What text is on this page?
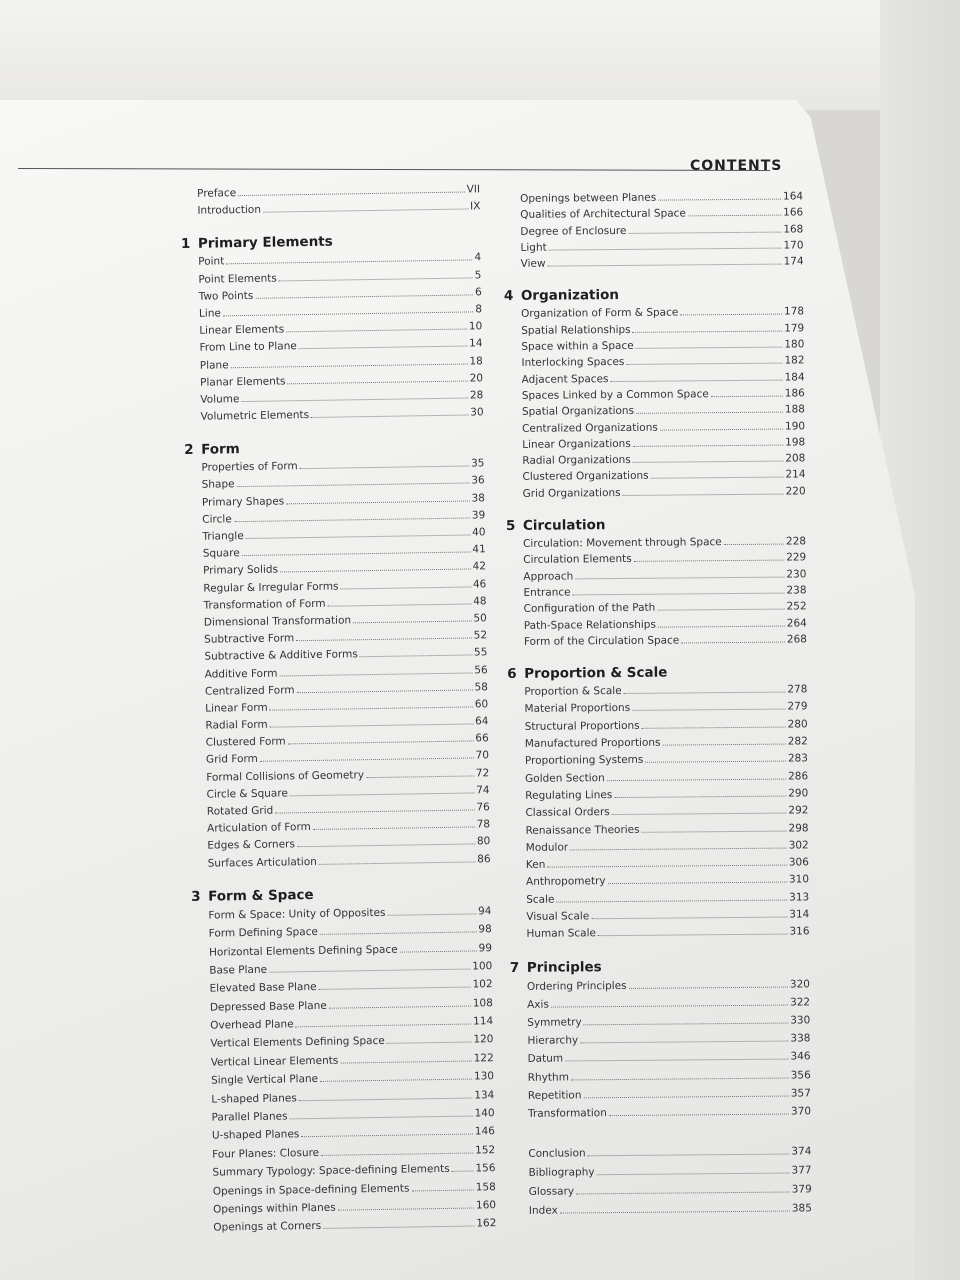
CONTENTS
Preface	VII
Introduction	IX
1 Primary Elements
Point	4
Point Elements	5
Two Points	6
Line	8
Linear Elements	10
From Line to Plane	14
Plane	18
Planar Elements	20
Volume	28
Volumetric Elements	30
2 Form
Properties of Form	35
Shape	36
Primary Shapes	38
Circle	39
Triangle	40
Square	41
Primary Solids	42
Regular & Irregular Forms	46
Transformation of Form	48
Dimensional Transformation	50
Subtractive Form	52
Subtractive & Additive Forms	55
Additive Form	56
Centralized Form	58
Linear Form	60
Radial Form	64
Clustered Form	66
Grid Form	70
Formal Collisions of Geometry	72
Circle & Square	74
Rotated Grid	76
Articulation of Form	78
Edges & Corners	80
Surfaces Articulation	86
3 Form & Space
Form & Space: Unity of Opposites	94
Form Defining Space	98
Horizontal Elements Defining Space	99
Base Plane	100
Elevated Base Plane	102
Depressed Base Plane	108
Overhead Plane	114
Vertical Elements Defining Space	120
Vertical Linear Elements	122
Single Vertical Plane	130
L-shaped Planes	134
Parallel Planes	140
U-shaped Planes	146
Four Planes: Closure	152
Summary Typology: Space-defining Elements 156
Openings in Space-defining Elements	158
Openings within Planes	160
Openings at Corners	162
Openings between Planes	164
Qualities of Architectural Space	166
Degree of Enclosure	168
Light	170
View	174
4 Organization
Organization of Form & Space	178
Spatial Relationships	179
Space within a Space	180
Interlocking Spaces	182
Adjacent Spaces	184
Spaces Linked by a Common Space	186
Spatial Organizations	188
Centralized Organizations	190
Linear Organizations	198
Radial Organizations	208
Clustered Organizations	214
Grid Organizations	220
5 Circulation
Circulation: Movement through Space	228
Circulation Elements	229
Approach	230
Entrance	238
Configuration of the Path	252
Path-Space Relationships	264
Form of the Circulation Space	268
6 Proportion & Scale
Proportion & Scale	278
Material Proportions	279
Structural Proportions	280
Manufactured Proportions	282
Proportioning Systems	283
Golden Section	286
Regulating Lines	290
Classical Orders	292
Renaissance Theories	298
Modulor	302
Ken	306
Anthropometry	310
Scale	313
Visual Scale	314
Human Scale	316
7 Principles
Ordering Principles	320
Axis	322
Symmetry	330
Hierarchy	338
Datum	346
Rhythm	356
Repetition	357
Transformation	370
Conclusion	374
Bibliography	377
Glossary	379
Index	385
